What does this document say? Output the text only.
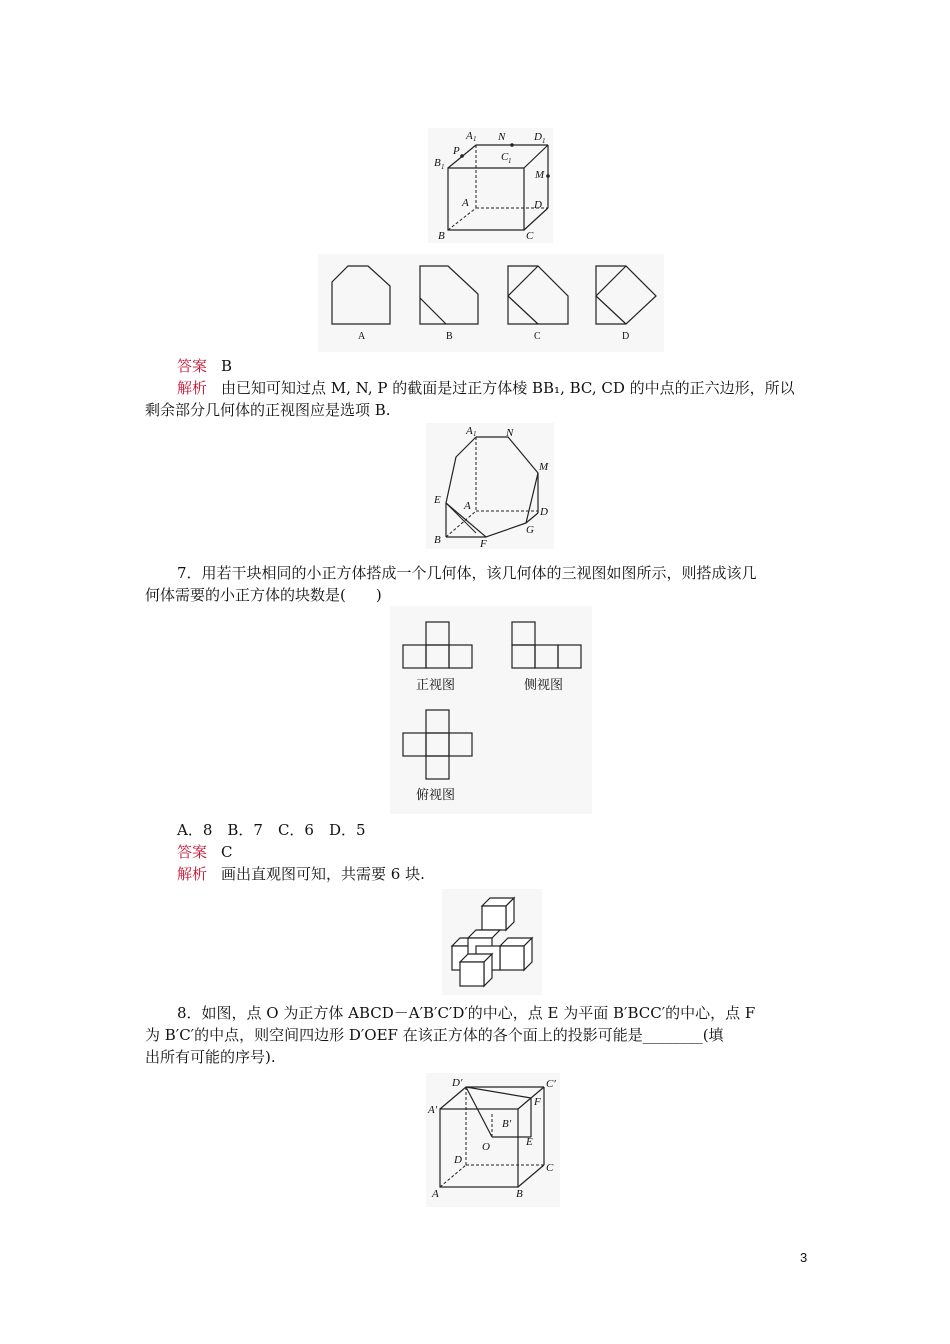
A 1 N	D 1
P	C 1
B 1
M
A	D
B	C
A	B	C	D
答案 B
解析 由已知可知过点 M, N, P 的截面是过正方体棱 BB₁, BC, CD 的中点的正六边形，所以
剩余部分几何体的正视图应是选项 B.
A 1	N
M
E A	D
G
B	F
7．用若干块相同的小正方体搭成一个几何体，该几何体的三视图如图所示，则搭成该几
何体需要的小正方体的块数是(　　)
正视图	侧视图
俯视图
A．8　B．7　C．6　D．5
答案 C
解析 画出直观图可知，共需要 6 块.
8．如图，点 O 为正方体 ABCD－A′B′C′D′的中心，点 E 为平面 B′BCC′的中心，点 F
为 B′C′的中点，则空间四边形 D′OEF 在该正方体的各个面上的投影可能是________(填
出所有可能的序号).
D′	C′
A′
F
B′
O	E
D
C
A	B
3
